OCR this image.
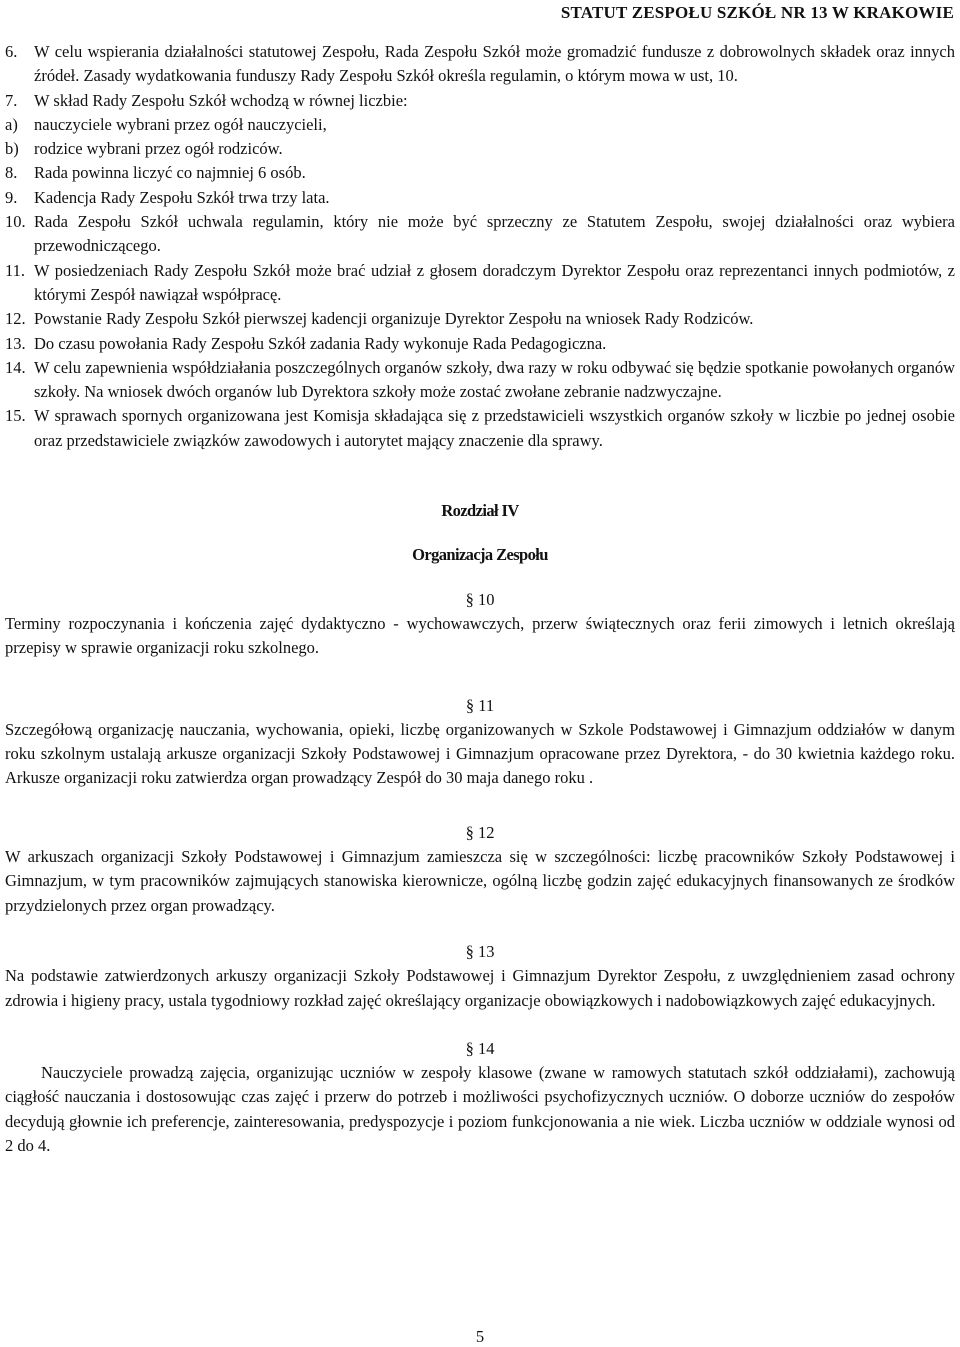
STATUT ZESPOŁU SZKÓŁ NR 13 W KRAKOWIE
6. W celu wspierania działalności statutowej Zespołu, Rada Zespołu Szkół może gromadzić fundusze z dobrowolnych składek oraz innych źródeł. Zasady wydatkowania funduszy Rady Zespołu Szkół określa regulamin, o którym mowa w ust, 10.
7. W skład Rady Zespołu Szkół wchodzą w równej liczbie:
a) nauczyciele wybrani przez ogół nauczycieli,
b) rodzice wybrani przez ogół rodziców.
8. Rada powinna liczyć co najmniej 6 osób.
9. Kadencja Rady Zespołu Szkół trwa trzy lata.
10. Rada Zespołu Szkół uchwala regulamin, który nie może być sprzeczny ze Statutem Zespołu, swojej działalności oraz wybiera przewodniczącego.
11. W posiedzeniach Rady Zespołu Szkół może brać udział z głosem doradczym Dyrektor Zespołu oraz reprezentanci innych podmiotów, z którymi Zespół nawiązał współpracę.
12. Powstanie Rady Zespołu Szkół pierwszej kadencji organizuje Dyrektor Zespołu na wniosek Rady Rodziców.
13. Do czasu powołania Rady Zespołu Szkół zadania Rady wykonuje Rada Pedagogiczna.
14. W celu zapewnienia współdziałania poszczególnych organów szkoły, dwa razy w roku odbywać się będzie spotkanie powołanych organów szkoły. Na wniosek dwóch organów lub Dyrektora szkoły może zostać zwołane zebranie nadzwyczajne.
15. W sprawach spornych organizowana jest Komisja składająca się z przedstawicieli wszystkich organów szkoły w liczbie po jednej osobie oraz przedstawiciele związków zawodowych i autorytet mający znaczenie dla sprawy.

Rozdział IV

Organizacja Zespołu

§ 10

Terminy rozpoczynania i kończenia zajęć dydaktyczno - wychowawczych, przerw świątecznych oraz ferii zimowych i letnich określają przepisy w sprawie organizacji roku szkolnego.

§ 11

Szczegółową organizację nauczania, wychowania, opieki, liczbę organizowanych w Szkole Podstawowej i Gimnazjum oddziałów w danym roku szkolnym ustalają arkusze organizacji Szkoły Podstawowej i Gimnazjum opracowane przez Dyrektora, - do 30 kwietnia każdego roku. Arkusze organizacji roku zatwierdza organ prowadzący Zespół do 30 maja danego roku .

§ 12

W arkuszach organizacji Szkoły Podstawowej i Gimnazjum zamieszcza się w szczególności: liczbę pracowników Szkoły Podstawowej i Gimnazjum, w tym pracowników zajmujących stanowiska kierownicze, ogólną liczbę godzin zajęć edukacyjnych finansowanych ze środków przydzielonych przez organ prowadzący.

§ 13

Na podstawie zatwierdzonych arkuszy organizacji Szkoły Podstawowej i Gimnazjum Dyrektor Zespołu, z uwzględnieniem zasad ochrony zdrowia i higieny pracy, ustala tygodniowy rozkład zajęć określający organizacje obowiązkowych i nadobowiązkowych zajęć edukacyjnych.

§ 14

Nauczyciele prowadzą zajęcia, organizując uczniów w zespoły klasowe (zwane w ramowych statutach szkół oddziałami), zachowują ciągłość nauczania i dostosowując czas zajęć i przerw do potrzeb i możliwości psychofizycznych uczniów. O doborze uczniów do zespołów decydują głownie ich preferencje, zainteresowania, predyspozycje i poziom funkcjonowania a nie wiek. Liczba uczniów w oddziale wynosi od 2 do 4.

5
